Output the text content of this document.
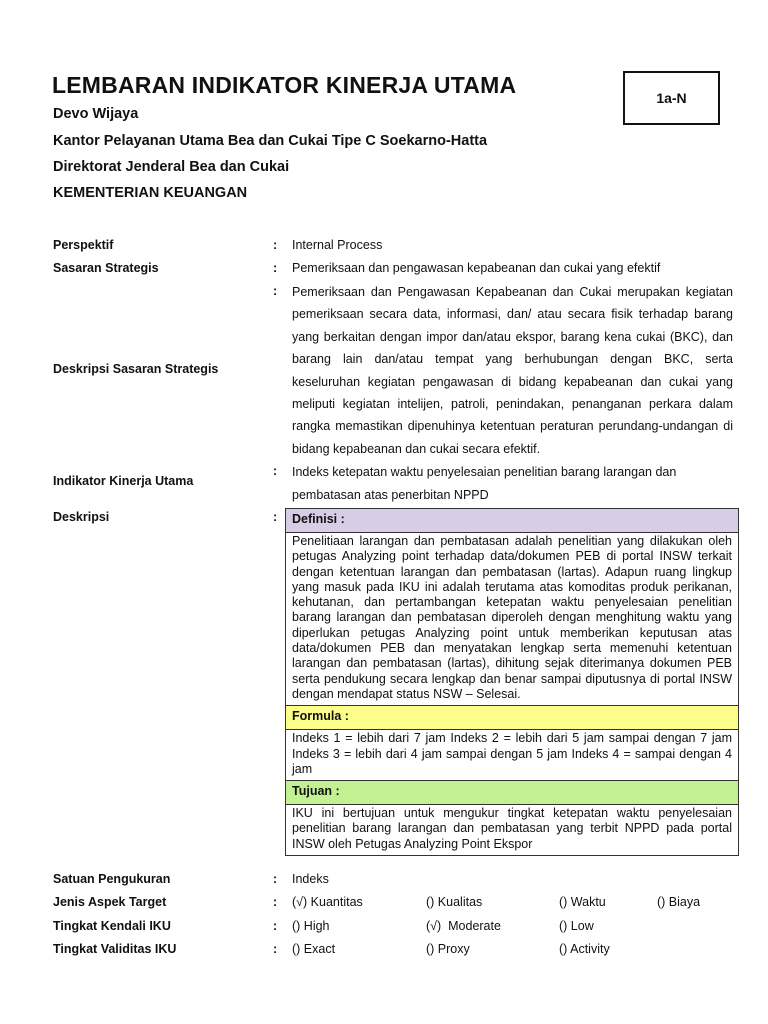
LEMBARAN INDIKATOR KINERJA UTAMA
Devo Wijaya
Kantor Pelayanan Utama Bea dan Cukai Tipe C Soekarno-Hatta
Direktorat Jenderal Bea dan Cukai
KEMENTERIAN KEUANGAN
1a-N
Perspektif	: Internal Process
Sasaran Strategis	: Pemeriksaan dan pengawasan kepabeanan dan cukai yang efektif
Deskripsi Sasaran Strategis
: Pemeriksaan dan Pengawasan Kepabeanan dan Cukai merupakan kegiatan pemeriksaan secara data, informasi, dan/ atau secara fisik terhadap barang yang berkaitan dengan impor dan/atau ekspor, barang kena cukai (BKC), dan barang lain dan/atau tempat yang berhubungan dengan BKC, serta keseluruhan kegiatan pengawasan di bidang kepabeanan dan cukai yang meliputi kegiatan intelijen, patroli, penindakan, penanganan perkara dalam rangka memastikan dipenuhinya ketentuan peraturan perundang-undangan di bidang kepabeanan dan cukai secara efektif.

Indikator Kinerja Utama
: Indeks ketepatan waktu penyelesaian penelitian barang larangan dan pembatasan atas penerbitan NPPD

Deskripsi	:	Definisi :
Penelitiaan larangan dan pembatasan adalah penelitian yang dilakukan oleh petugas Analyzing point terhadap data/dokumen PEB di portal INSW terkait dengan ketentuan larangan dan pembatasan (lartas). Adapun ruang lingkup yang masuk pada IKU ini adalah terutama atas komoditas produk perikanan, kehutanan, dan pertambangan ketepatan waktu penyelesaian penelitian barang larangan dan pembatasan diperoleh dengan menghitung waktu yang diperlukan petugas Analyzing point untuk memberikan keputusan atas data/dokumen PEB dan menyatakan lengkap serta memenuhi ketentuan larangan dan pembatasan (lartas), dihitung sejak diterimanya dokumen PEB serta pendukung secara lengkap dan benar sampai diputusnya di portal INSW dengan mendapat status NSW – Selesai.
Formula :
Indeks 1 = lebih dari 7 jam Indeks 2 = lebih dari 5 jam sampai dengan 7 jam Indeks 3 = lebih dari 4 jam sampai dengan 5 jam Indeks 4 = sampai dengan 4 jam
Tujuan :
IKU ini bertujuan untuk mengukur tingkat ketepatan waktu penyelesaian penelitian barang larangan dan pembatasan yang terbit NPPD pada portal INSW oleh Petugas Analyzing Point Ekspor
Satuan Pengukuran	: Indeks
Jenis Aspek Target	: (√) Kuantitas	() Kualitas	() Waktu	() Biaya
Tingkat Kendali IKU	: () High	(√)  Moderate	() Low
Tingkat Validitas IKU	: () Exact	() Proxy	() Activity
